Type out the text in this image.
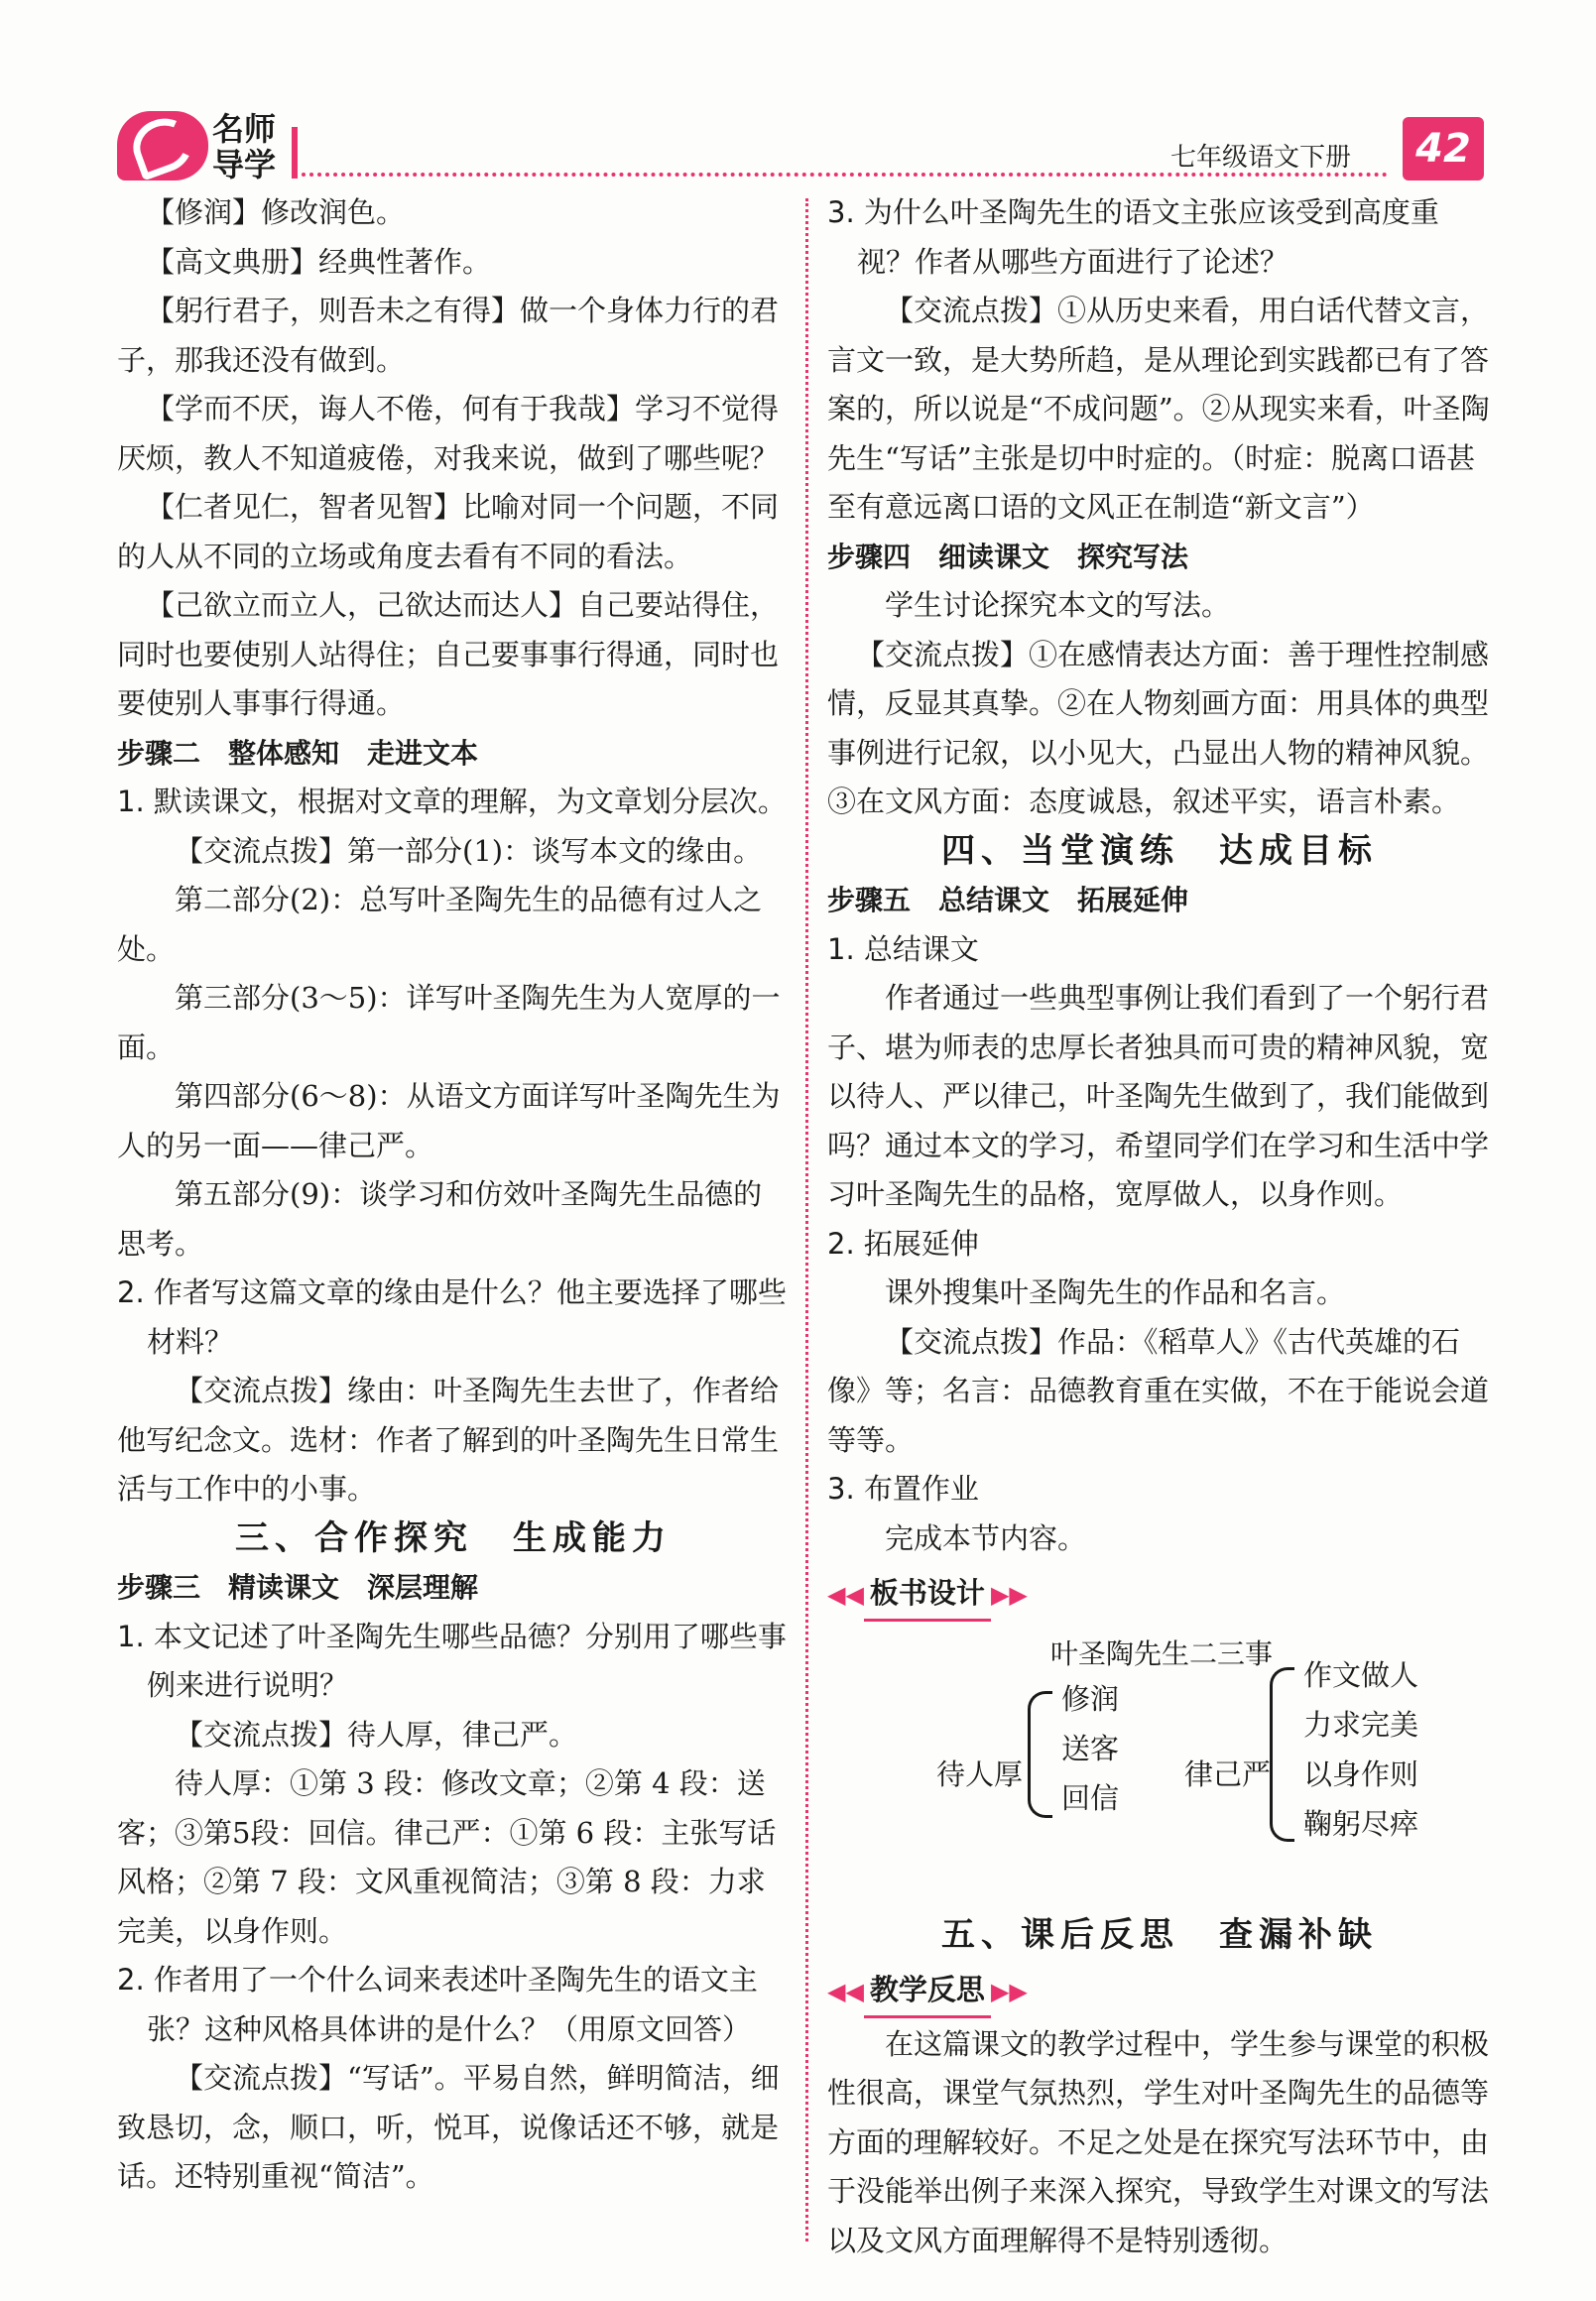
名师
导学	七年级语文下册	42

【修润】修改润色。

【高文典册】经典性著作。

【躬行君子，则吾未之有得】做一个身体力行的君子，那我还没有做到。

【学而不厌，诲人不倦，何有于我哉】学习不觉得厌烦，教人不知道疲倦，对我来说，做到了哪些呢？

【仁者见仁，智者见智】比喻对同一个问题，不同的人从不同的立场或角度去看有不同的看法。

【己欲立而立人，己欲达而达人】自己要站得住，同时也要使别人站得住；自己要事事行得通，同时也要使别人事事行得通。

步骤二　整体感知　走进文本

1. 默读课文，根据对文章的理解，为文章划分层次。

【交流点拨】第一部分(1)：谈写本文的缘由。

第二部分(2)：总写叶圣陶先生的品德有过人之处。

第三部分(3～5)：详写叶圣陶先生为人宽厚的一面。

第四部分(6～8)：从语文方面详写叶圣陶先生为人的另一面——律己严。

第五部分(9)：谈学习和仿效叶圣陶先生品德的思考。

2. 作者写这篇文章的缘由是什么？他主要选择了哪些材料？

【交流点拨】缘由：叶圣陶先生去世了，作者给他写纪念文。选材：作者了解到的叶圣陶先生日常生活与工作中的小事。

三、合作探究　生成能力

步骤三　精读课文　深层理解

1. 本文记述了叶圣陶先生哪些品德？分别用了哪些事例来进行说明？

【交流点拨】待人厚，律己严。

待人厚：①第 3 段：修改文章；②第 4 段：送客；③第5段：回信。律己严：①第 6 段：主张写话风格；②第 7 段：文风重视简洁；③第 8 段：力求完美，以身作则。

2. 作者用了一个什么词来表述叶圣陶先生的语文主张？这种风格具体讲的是什么？（用原文回答）

【交流点拨】“写话”。平易自然，鲜明简洁，细致恳切，念，顺口，听，悦耳，说像话还不够，就是话。还特别重视“简洁”。

3. 为什么叶圣陶先生的语文主张应该受到高度重视？作者从哪些方面进行了论述？

【交流点拨】①从历史来看，用白话代替文言，言文一致，是大势所趋，是从理论到实践都已有了答案的，所以说是“不成问题”。②从现实来看，叶圣陶先生“写话”主张是切中时症的。（时症：脱离口语甚至有意远离口语的文风正在制造“新文言”）

步骤四　细读课文　探究写法

学生讨论探究本文的写法。

【交流点拨】①在感情表达方面：善于理性控制感情，反显其真挚。②在人物刻画方面：用具体的典型事例进行记叙，以小见大，凸显出人物的精神风貌。③在文风方面：态度诚恳，叙述平实，语言朴素。

四、当堂演练　达成目标

步骤五　总结课文　拓展延伸

1. 总结课文

作者通过一些典型事例让我们看到了一个躬行君子、堪为师表的忠厚长者独具而可贵的精神风貌，宽以待人、严以律己，叶圣陶先生做到了，我们能做到吗？通过本文的学习，希望同学们在学习和生活中学习叶圣陶先生的品格，宽厚做人，以身作则。

2. 拓展延伸

课外搜集叶圣陶先生的作品和名言。

【交流点拨】作品：《稻草人》《古代英雄的石像》等；名言：品德教育重在实做，不在于能说会道等等。

3. 布置作业

完成本节内容。

◀◀ 板书设计 ▶▶
叶圣陶先生二三事
待人厚
修润
送客
回信
律己严
作文做人
力求完美
以身作则
鞠躬尽瘁

五、课后反思　查漏补缺

◀◀ 教学反思 ▶▶

在这篇课文的教学过程中，学生参与课堂的积极性很高，课堂气氛热烈，学生对叶圣陶先生的品德等方面的理解较好。不足之处是在探究写法环节中，由于没能举出例子来深入探究，导致学生对课文的写法以及文风方面理解得不是特别透彻。
